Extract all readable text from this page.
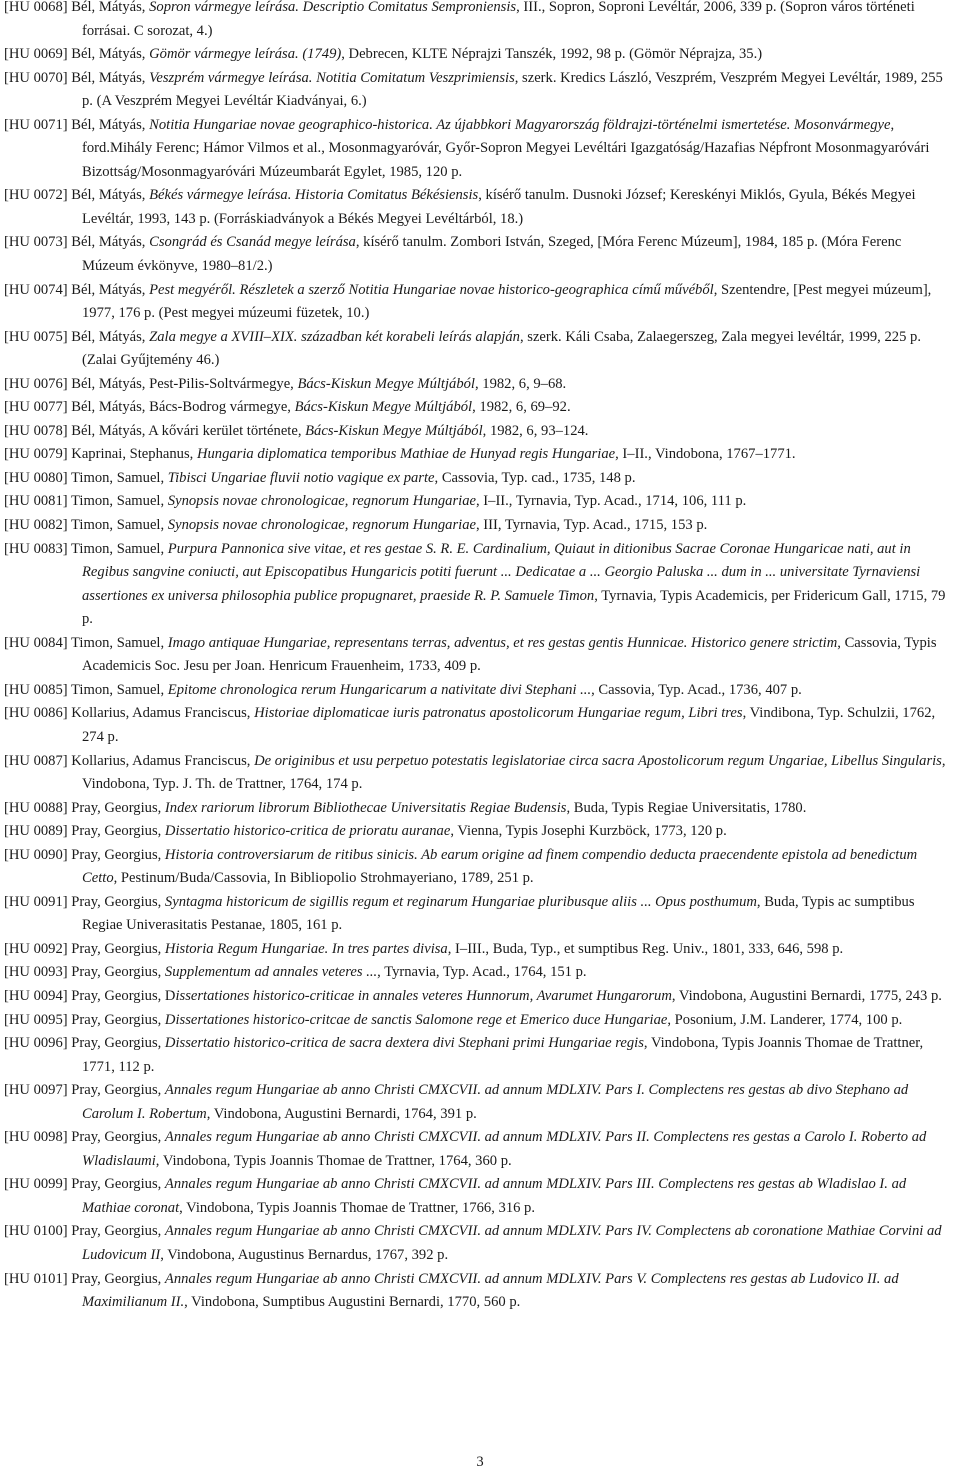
[HU 0068] Bél, Mátyás, Sopron vármegye leírása. Descriptio Comitatus Semproniensis, III., Sopron, Soproni Levéltár, 2006, 339 p. (Sopron város történeti forrásai. C sorozat, 4.)
[HU 0069] Bél, Mátyás, Gömör vármegye leírása. (1749), Debrecen, KLTE Néprajzi Tanszék, 1992, 98 p. (Gömör Néprajza, 35.)
[HU 0070] Bél, Mátyás, Veszprém vármegye leírása. Notitia Comitatum Veszprimiensis, szerk. Kredics László, Veszprém, Veszprém Megyei Levéltár, 1989, 255 p. (A Veszprém Megyei Levéltár Kiadványai, 6.)
[HU 0071] Bél, Mátyás, Notitia Hungariae novae geographico-historica. Az újabbkori Magyarország földrajzi-történelmi ismertetése. Mosonvármegye, ford.Mihály Ferenc; Hámor Vilmos et al., Mosonmagyaróvár, Győr-Sopron Megyei Levéltári Igazgatóság/Hazafias Népfront Mosonmagyaróvári Bizottság/Mosonmagyaróvári Múzeumbarát Egylet, 1985, 120 p.
[HU 0072] Bél, Mátyás, Békés vármegye leírása. Historia Comitatus Békésiensis, kísérő tanulm. Dusnoki József; Kereskényi Miklós, Gyula, Békés Megyei Levéltár, 1993, 143 p. (Forráskiadványok a Békés Megyei Levéltárból, 18.)
[HU 0073] Bél, Mátyás, Csongrád és Csanád megye leírása, kísérő tanulm. Zombori István, Szeged, [Móra Ferenc Múzeum], 1984, 185 p. (Móra Ferenc Múzeum évkönyve, 1980–81/2.)
[HU 0074] Bél, Mátyás, Pest megyéről. Részletek a szerző Notitia Hungariae novae historico-geographica című művéből, Szentendre, [Pest megyei múzeum], 1977, 176 p. (Pest megyei múzeumi füzetek, 10.)
[HU 0075] Bél, Mátyás, Zala megye a XVIII–XIX. században két korabeli leírás alapján, szerk. Káli Csaba, Zalaegerszeg, Zala megyei levéltár, 1999, 225 p. (Zalai Gyűjtemény 46.)
[HU 0076] Bél, Mátyás, Pest-Pilis-Soltvármegye, Bács-Kiskun Megye Múltjából, 1982, 6, 9–68.
[HU 0077] Bél, Mátyás, Bács-Bodrog vármegye, Bács-Kiskun Megye Múltjából, 1982, 6, 69–92.
[HU 0078] Bél, Mátyás, A kővári kerület története, Bács-Kiskun Megye Múltjából, 1982, 6, 93–124.
[HU 0079] Kaprinai, Stephanus, Hungaria diplomatica temporibus Mathiae de Hunyad regis Hungariae, I–II., Vindobona, 1767–1771.
[HU 0080] Timon, Samuel, Tibisci Ungariae fluvii notio vagique ex parte, Cassovia, Typ. cad., 1735, 148 p.
[HU 0081] Timon, Samuel, Synopsis novae chronologicae, regnorum Hungariae, I–II., Tyrnavia, Typ. Acad., 1714, 106, 111 p.
[HU 0082] Timon, Samuel, Synopsis novae chronologicae, regnorum Hungariae, III, Tyrnavia, Typ. Acad., 1715, 153 p.
[HU 0083] Timon, Samuel, Purpura Pannonica sive vitae, et res gestae S. R. E. Cardinalium, Quiaut in ditionibus Sacrae Coronae Hungaricae nati, aut in Regibus sangvine coniucti, aut Episcopatibus Hungaricis potiti fuerunt ... Dedicatae a ... Georgio Paluska ... dum in ... universitate Tyrnaviensi assertiones ex universa philosophia publice propugnaret, praeside R. P. Samuele Timon, Tyrnavia, Typis Academicis, per Fridericum Gall, 1715, 79 p.
[HU 0084] Timon, Samuel, Imago antiquae Hungariae, representans terras, adventus, et res gestas gentis Hunnicae. Historico genere strictim, Cassovia, Typis Academicis Soc. Jesu per Joan. Henricum Frauenheim, 1733, 409 p.
[HU 0085] Timon, Samuel, Epitome chronologica rerum Hungaricarum a nativitate divi Stephani ..., Cassovia, Typ. Acad., 1736, 407 p.
[HU 0086] Kollarius, Adamus Franciscus, Historiae diplomaticae iuris patronatus apostolicorum Hungariae regum, Libri tres, Vindibona, Typ. Schulzii, 1762, 274 p.
[HU 0087] Kollarius, Adamus Franciscus, De originibus et usu perpetuo potestatis legislatoriae circa sacra Apostolicorum regum Ungariae, Libellus Singularis, Vindobona, Typ. J. Th. de Trattner, 1764, 174 p.
[HU 0088] Pray, Georgius, Index rariorum librorum Bibliothecae Universitatis Regiae Budensis, Buda, Typis Regiae Universitatis, 1780.
[HU 0089] Pray, Georgius, Dissertatio historico-critica de prioratu auranae, Vienna, Typis Josephi Kurzböck, 1773, 120 p.
[HU 0090] Pray, Georgius, Historia controversiarum de ritibus sinicis. Ab earum origine ad finem compendio deducta praecendente epistola ad benedictum Cetto, Pestinum/Buda/Cassovia, In Bibliopolio Strohmayeriano, 1789, 251 p.
[HU 0091] Pray, Georgius, Syntagma historicum de sigillis regum et reginarum Hungariae pluribusque aliis ... Opus posthumum, Buda, Typis ac sumptibus Regiae Univerasitatis Pestanae, 1805, 161 p.
[HU 0092] Pray, Georgius, Historia Regum Hungariae. In tres partes divisa, I–III., Buda, Typ., et sumptibus Reg. Univ., 1801, 333, 646, 598 p.
[HU 0093] Pray, Georgius, Supplementum ad annales veteres ..., Tyrnavia, Typ. Acad., 1764, 151 p.
[HU 0094] Pray, Georgius, Dissertationes historico-criticae in annales veteres Hunnorum, Avarumet Hungarorum, Vindobona, Augustini Bernardi, 1775, 243 p.
[HU 0095] Pray, Georgius, Dissertationes historico-critcae de sanctis Salomone rege et Emerico duce Hungariae, Posonium, J.M. Landerer, 1774, 100 p.
[HU 0096] Pray, Georgius, Dissertatio historico-critica de sacra dextera divi Stephani primi Hungariae regis, Vindobona, Typis Joannis Thomae de Trattner, 1771, 112 p.
[HU 0097] Pray, Georgius, Annales regum Hungariae ab anno Christi CMXCVII. ad annum MDLXIV. Pars I. Complectens res gestas ab divo Stephano ad Carolum I. Robertum, Vindobona, Augustini Bernardi, 1764, 391 p.
[HU 0098] Pray, Georgius, Annales regum Hungariae ab anno Christi CMXCVII. ad annum MDLXIV. Pars II. Complectens res gestas a Carolo I. Roberto ad Wladislaumi, Vindobona, Typis Joannis Thomae de Trattner, 1764, 360 p.
[HU 0099] Pray, Georgius, Annales regum Hungariae ab anno Christi CMXCVII. ad annum MDLXIV. Pars III. Complectens res gestas ab Wladislao I. ad Mathiae coronat, Vindobona, Typis Joannis Thomae de Trattner, 1766, 316 p.
[HU 0100] Pray, Georgius, Annales regum Hungariae ab anno Christi CMXCVII. ad annum MDLXIV. Pars IV. Complectens ab coronatione Mathiae Corvini ad Ludovicum II, Vindobona, Augustinus Bernardus, 1767, 392 p.
[HU 0101] Pray, Georgius, Annales regum Hungariae ab anno Christi CMXCVII. ad annum MDLXIV. Pars V. Complectens res gestas ab Ludovico II. ad Maximilianum II., Vindobona, Sumptibus Augustini Bernardi, 1770, 560 p.
3
